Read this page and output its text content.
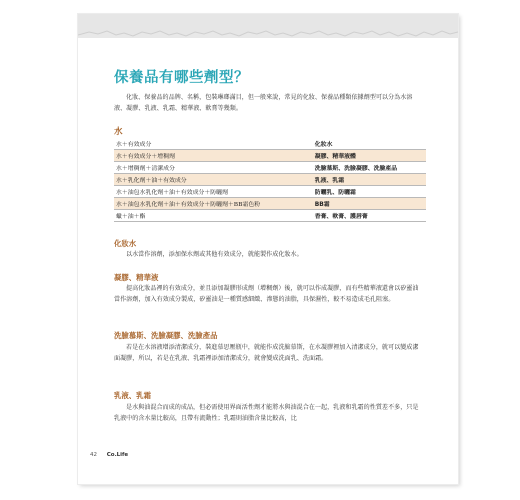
保養品有哪些劑型？
化妝、保養品的品牌、名稱，包裝琳瑯滿目，但一般來說，常見的化妝、保養品種類依據劑型可以分為水溶液、凝膠、乳液、乳霜、精華液、軟膏等幾類。
水
水＋有效成分	化妝水
水＋有效成分＋增稠劑	凝膠、精華液體
水＋增稠劑＋清潔成分	洗臉慕斯、洗臉凝膠、洗臉產品
水＋乳化劑＋油＋有效成分	乳液、乳霜
水＋油包水乳化劑＋油＋有效成分＋防曬劑	防曬乳、防曬霜
水＋油包水乳化劑＋油＋有效成分＋防曬劑＋BB霜色粉	BB霜
蠟＋油＋酯	香膏、軟膏、護唇膏
化妝水
以水當作溶劑，添加保水劑或其他有效成分，就能製作成化妝水。
凝膠、精華液
提高化妝品裡的有效成分，並且添加凝膠形成劑（增稠劑）後，就可以作成凝膠，而有些精華液還會以矽靈油當作溶劑，加入有效成分製成，矽靈油是一種質感細緻、滲態的油脂，具保濕性，較不易造成毛孔阻塞。
洗臉慕斯、洗臉凝膠、洗臉產品
若是在水溶液增添清潔成分，裝進慕思壓瓶中，就能作成洗臉慕斯，在水凝膠裡加入清潔成分，就可以變成潔面凝膠，所以，若是在乳液、乳霜裡添加清潔成分，就會變成洗面乳、洗面霜。
乳液、乳霜
是水與油混合而成的成品，但必需使用界面活性劑才能將水與油混合在一起，乳液和乳霜的性質差不多，只是乳液中的含水量比較高，且帶有流動性；乳霜則油脂含量比較高，比
42 Co.Life
